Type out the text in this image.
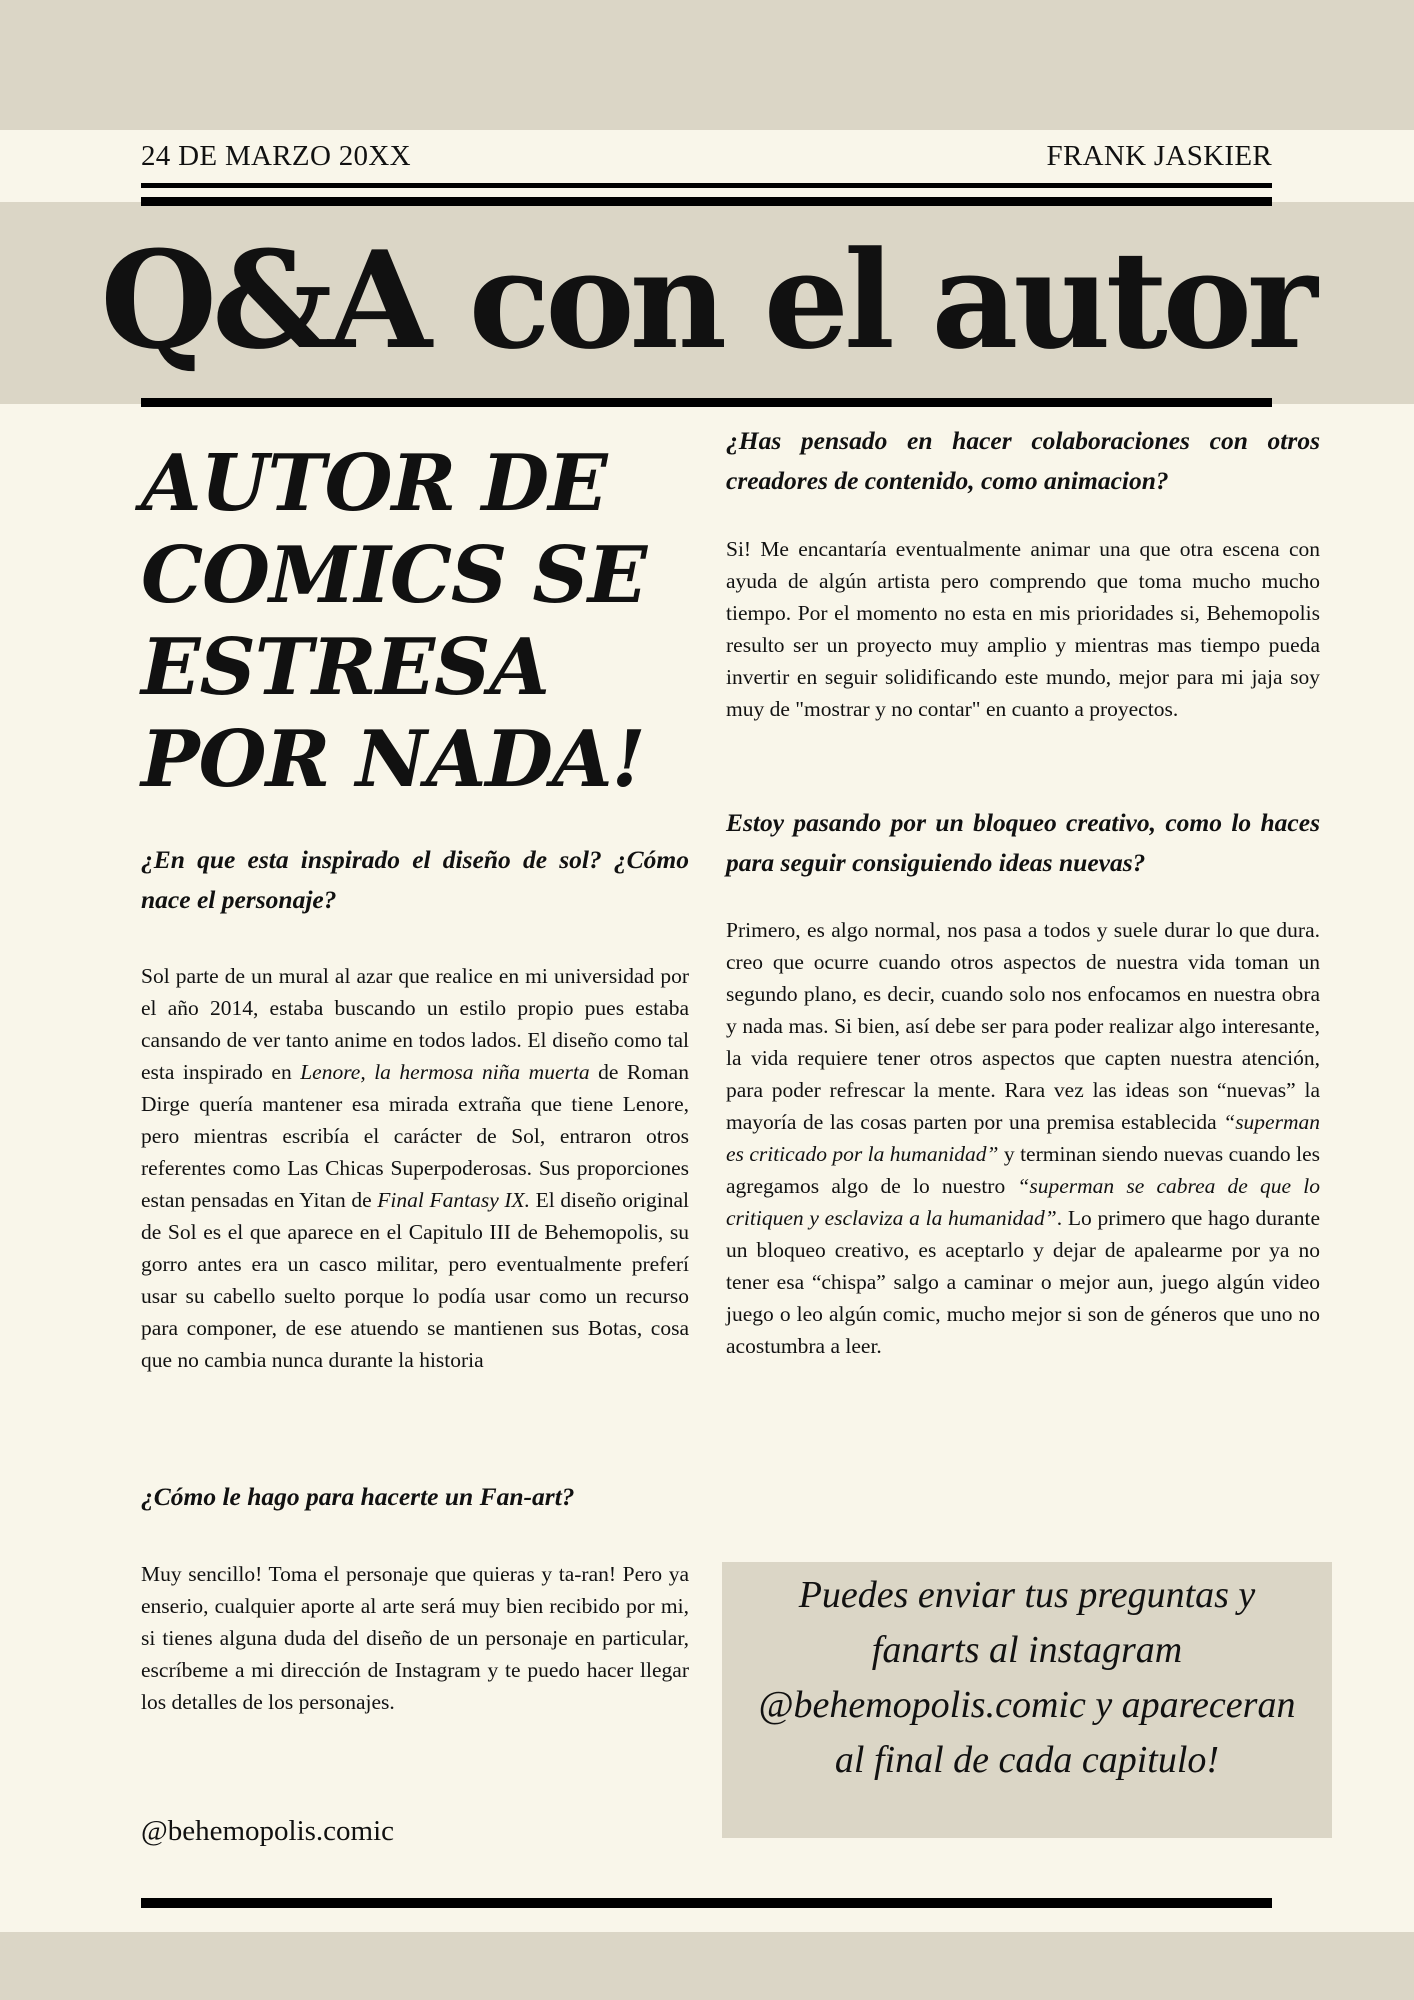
24 DE MARZO 20XX	FRANK JASKIER
Q&A con el autor
AUTOR DE COMICS SE ESTRESA POR NADA!

¿En que esta inspirado el diseño de sol? ¿Cómo nace el personaje?

Sol parte de un mural al azar que realice en mi universidad por el año 2014, estaba buscando un estilo propio pues estaba cansando de ver tanto anime en todos lados. El diseño como tal esta inspirado en Lenore, la hermosa niña muerta de Roman Dirge quería mantener esa mirada extraña que tiene Lenore, pero mientras escribía el carácter de Sol, entraron otros referentes como Las Chicas Superpoderosas. Sus proporciones estan pensadas en Yitan de Final Fantasy IX. El diseño original de Sol es el que aparece en el Capitulo III de Behemopolis, su gorro antes era un casco militar, pero eventualmente preferí usar su cabello suelto porque lo podía usar como un recurso para componer, de ese atuendo se mantienen sus Botas, cosa que no cambia nunca durante la historia

¿Cómo le hago para hacerte un Fan-art?

Muy sencillo! Toma el personaje que quieras y ta-ran! Pero ya enserio, cualquier aporte al arte será muy bien recibido por mi, si tienes alguna duda del diseño de un personaje en particular, escríbeme a mi dirección de Instagram y te puedo hacer llegar los detalles de los personajes.

¿Has pensado en hacer colaboraciones con otros creadores de contenido, como animacion?

Si! Me encantaría eventualmente animar una que otra escena con ayuda de algún artista pero comprendo que toma mucho mucho tiempo. Por el momento no esta en mis prioridades si, Behemopolis resulto ser un proyecto muy amplio y mientras mas tiempo pueda invertir en seguir solidificando este mundo, mejor para mi jaja soy muy de "mostrar y no contar" en cuanto a proyectos.

Estoy pasando por un bloqueo creativo, como lo haces para seguir consiguiendo ideas nuevas?

Primero, es algo normal, nos pasa a todos y suele durar lo que dura. creo que ocurre cuando otros aspectos de nuestra vida toman un segundo plano, es decir, cuando solo nos enfocamos en nuestra obra y nada mas. Si bien, así debe ser para poder realizar algo interesante, la vida requiere tener otros aspectos que capten nuestra atención, para poder refrescar la mente. Rara vez las ideas son “nuevas” la mayoría de las cosas parten por una premisa establecida “superman es criticado por la humanidad” y terminan siendo nuevas cuando les agregamos algo de lo nuestro “superman se cabrea de que lo critiquen y esclaviza a la humanidad”. Lo primero que hago durante un bloqueo creativo, es aceptarlo y dejar de apalearme por ya no tener esa “chispa” salgo a caminar o mejor aun, juego algún video juego o leo algún comic, mucho mejor si son de géneros que uno no acostumbra a leer.

Puedes enviar tus preguntas y fanarts al instagram @behemopolis.comic y apareceran al final de cada capitulo!
@behemopolis.comic
